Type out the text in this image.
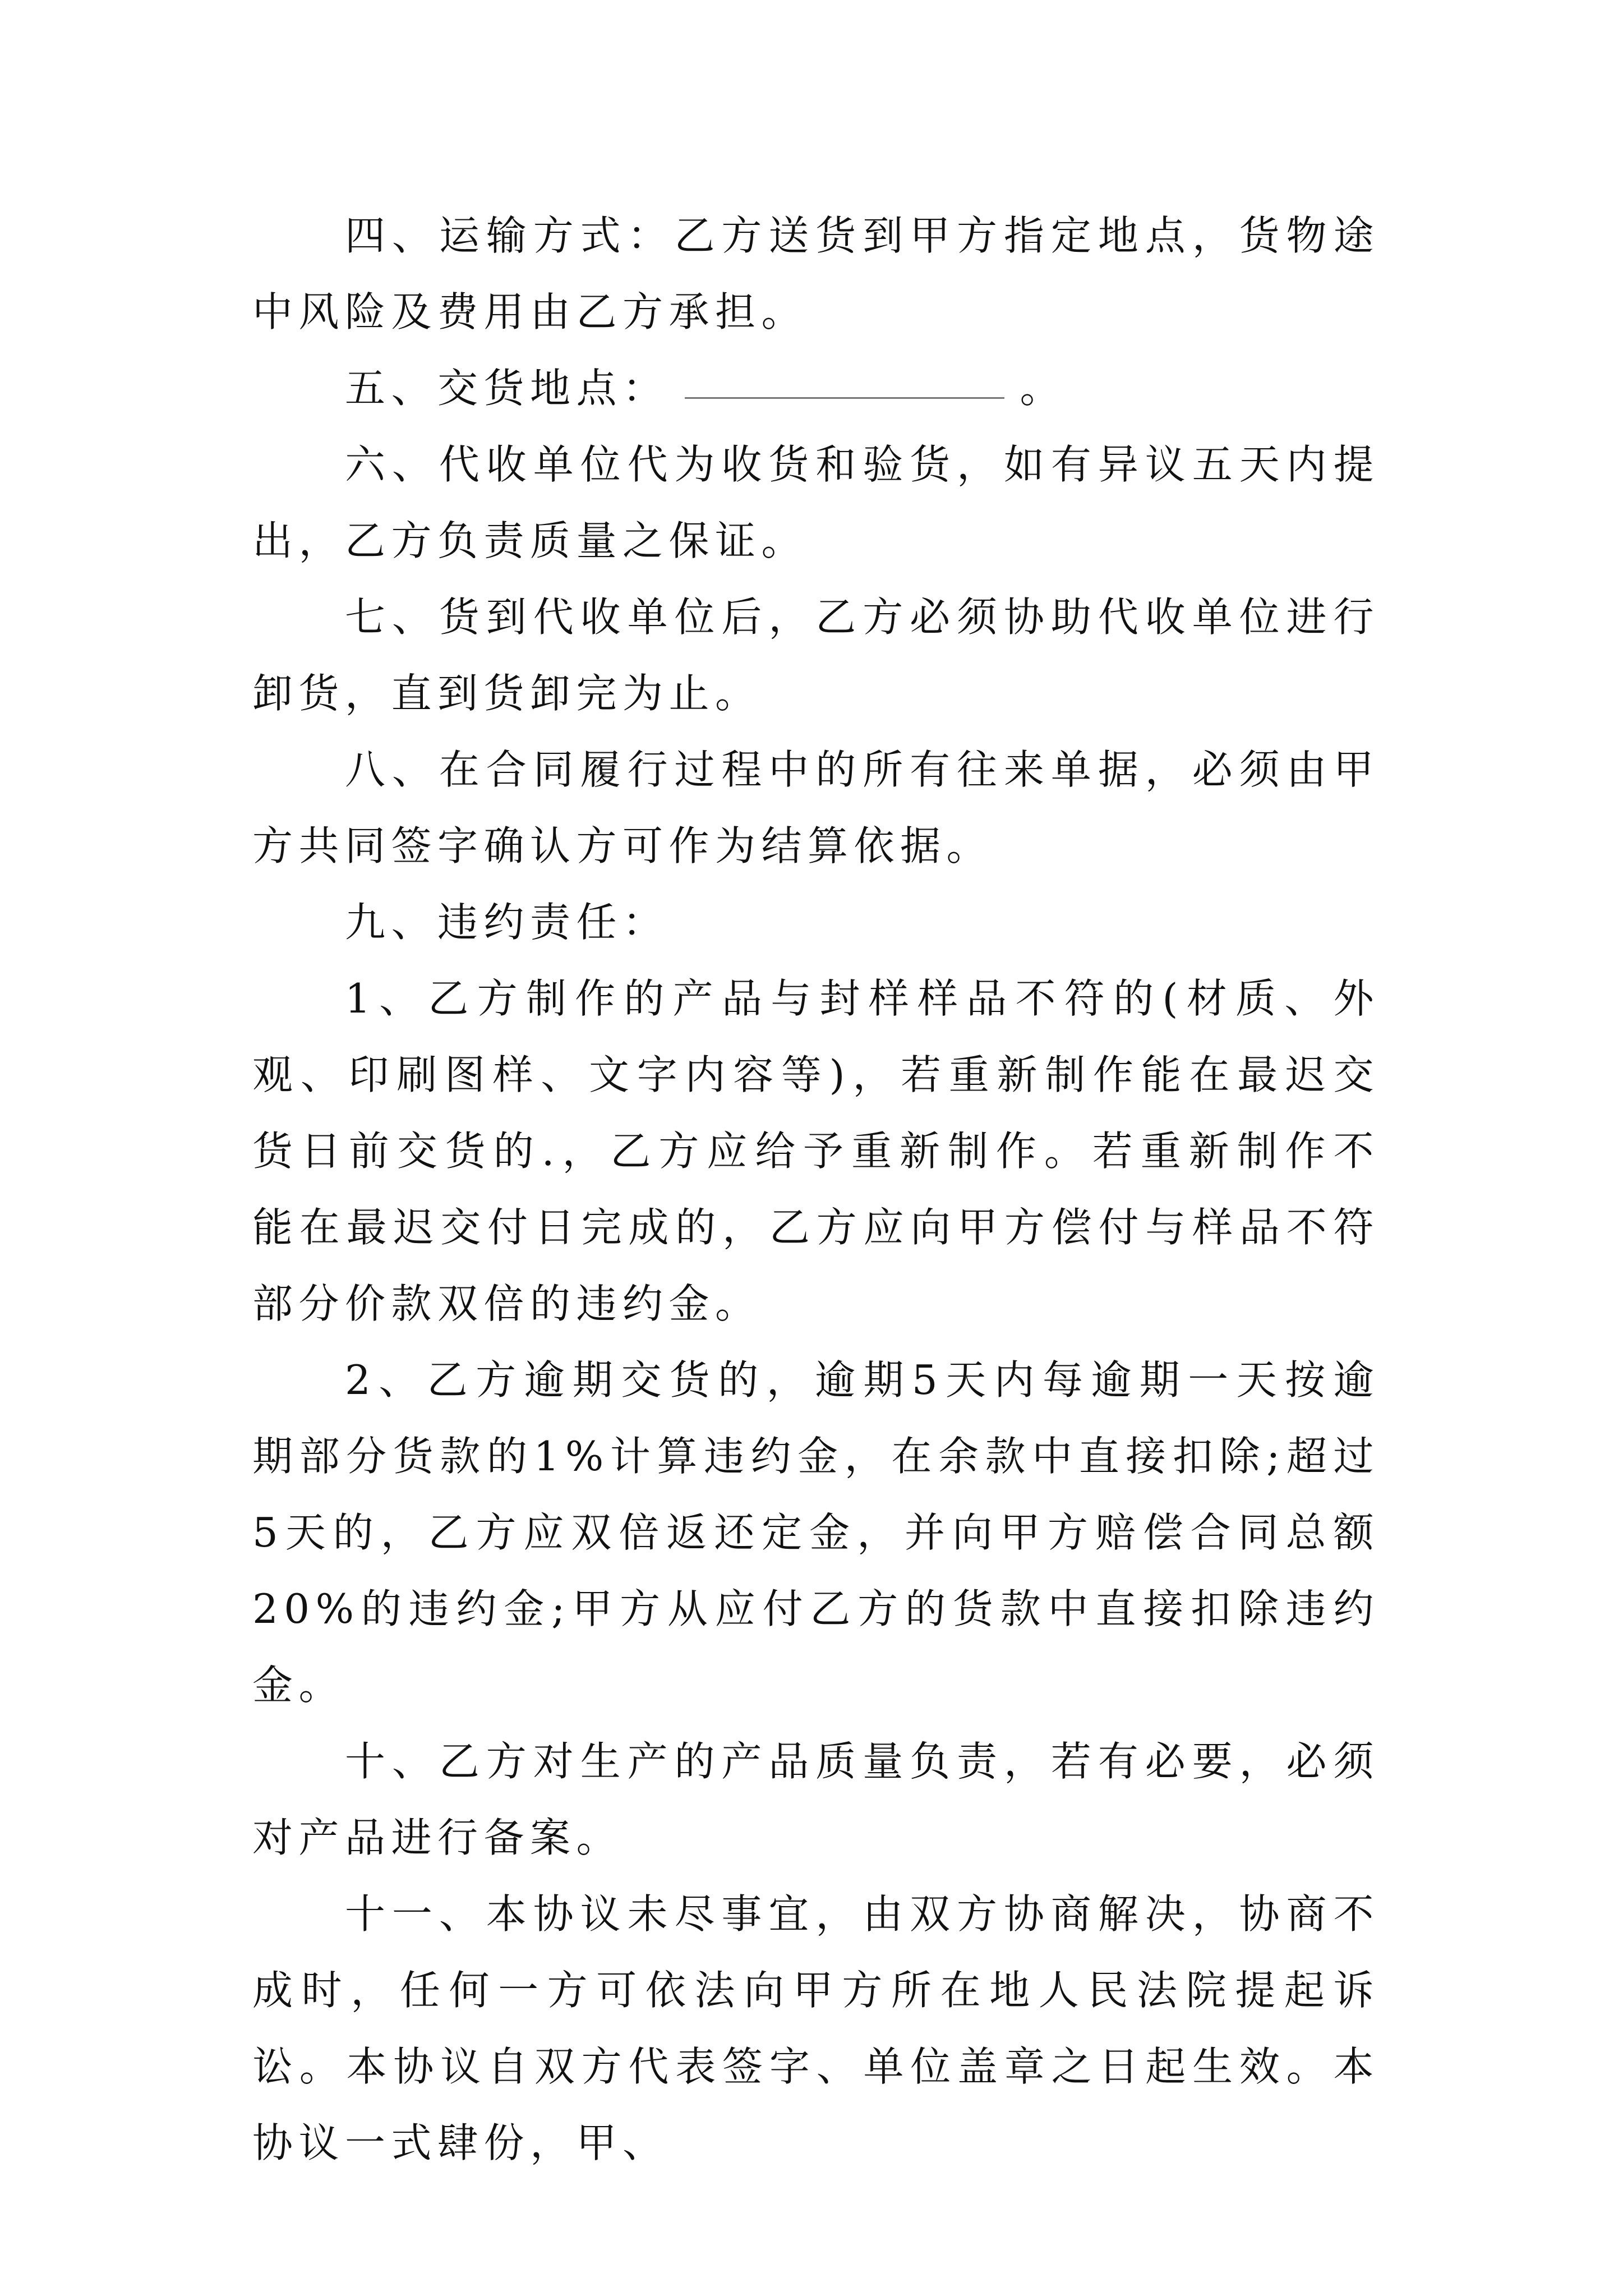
四、运输方式：乙方送货到甲方指定地点，货物途中风险及费用由乙方承担。

五、交货地点：	。

六、代收单位代为收货和验货，如有异议五天内提出，乙方负责质量之保证。

七、货到代收单位后，乙方必须协助代收单位进行卸货，直到货卸完为止。

八、在合同履行过程中的所有往来单据，必须由甲方共同签字确认方可作为结算依据。

九、违约责任：

1、乙方制作的产品与封样样品不符的(材质、外观、印刷图样、文字内容等)，若重新制作能在最迟交货日前交货的.，乙方应给予重新制作。若重新制作不能在最迟交付日完成的，乙方应向甲方偿付与样品不符部分价款双倍的违约金。

2、乙方逾期交货的，逾期5天内每逾期一天按逾期部分货款的1%计算违约金，在余款中直接扣除;超过5天的，乙方应双倍返还定金，并向甲方赔偿合同总额20%的违约金;甲方从应付乙方的货款中直接扣除违约金。

十、乙方对生产的产品质量负责，若有必要，必须对产品进行备案。

十一、本协议未尽事宜，由双方协商解决，协商不成时，任何一方可依法向甲方所在地人民法院提起诉讼。本协议自双方代表签字、单位盖章之日起生效。本协议一式肆份，甲、
